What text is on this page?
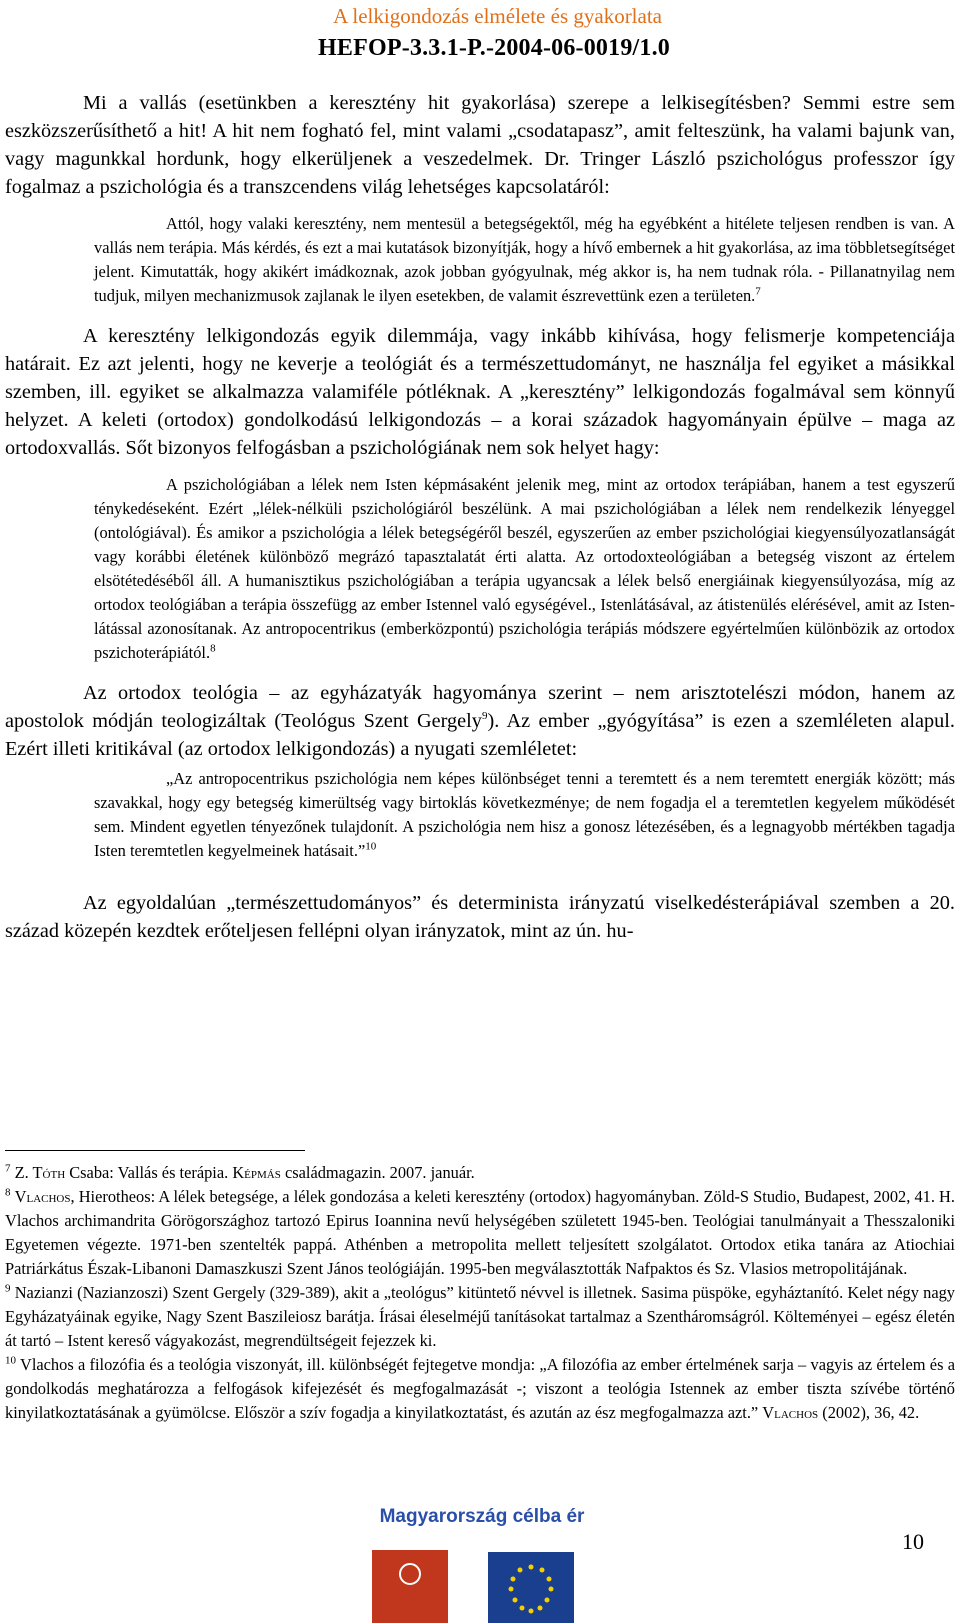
A lelkigondozás elmélete és gyakorlata
HEFOP-3.3.1-P.-2004-06-0019/1.0

Mi a vallás (esetünkben a keresztény hit gyakorlása) szerepe a lelkisegítésben? Semmi estre sem eszközszerűsíthető a hit! A hit nem fogható fel, mint valami „csodatapasz”, amit felteszünk, ha valami bajunk van, vagy magunkkal hordunk, hogy elkerüljenek a veszedelmek. Dr. Tringer László pszichológus professzor így fogalmaz a pszichológia és a transzcendens világ lehetséges kapcsolatáról:

Attól, hogy valaki keresztény, nem mentesül a betegségektől, még ha egyébként a hitélete teljesen rendben is van. A vallás nem terápia. Más kérdés, és ezt a mai kutatások bizonyítják, hogy a hívő embernek a hit gyakorlása, az ima többletsegítséget jelent. Kimutatták, hogy akikért imádkoznak, azok jobban gyógyulnak, még akkor is, ha nem tudnak róla. - Pillanatnyilag nem tudjuk, milyen mechanizmusok zajlanak le ilyen esetekben, de valamit észrevettünk ezen a területen.$^7$

A keresztény lelkigondozás egyik dilemmája, vagy inkább kihívása, hogy felismerje kompetenciája határait. Ez azt jelenti, hogy ne keverje a teológiát és a természettudományt, ne használja fel egyiket a másikkal szemben, ill. egyiket se alkalmazza valamiféle pótléknak. A „keresztény” lelkigondozás fogalmával sem könnyű helyzet. A keleti (ortodox) gondolkodású lelkigondozás – a korai századok hagyományain épülve – maga az ortodoxvallás. Sőt bizonyos felfogásban a pszichológiának nem sok helyet hagy:

A pszichológiában a lélek nem Isten képmásaként jelenik meg, mint az ortodox terápiában, hanem a test egyszerű ténykedéseként. Ezért „lélek-nélküli pszichológiáról beszélünk. A mai pszichológiában a lélek nem rendelkezik lényeggel (ontológiával). És amikor a pszichológia a lélek betegségéről beszél, egyszerűen az ember pszichológiai kiegyensúlyozatlanságát vagy korábbi életének különböző megrázó tapasztalatát érti alatta. Az ortodoxteológiában a betegség viszont az értelem elsötétedéséből áll. A humanisztikus pszichológiában a terápia ugyancsak a lélek belső energiáinak kiegyensúlyozása, míg az ortodox teológiában a terápia összefügg az ember Istennel való egységével., Istenlátásával, az átistenülés elérésével, amit az Isten-látással azonosítanak. Az antropocentrikus (emberközpontú) pszichológia terápiás módszere egyértelműen különbözik az ortodox pszichoterápiától.$^8$

Az ortodox teológia – az egyházatyák hagyománya szerint – nem arisztotelészi módon, hanem az apostolok módján teologizáltak (Teológus Szent Gergely$^9$). Az ember „gyógyítása” is ezen a szemléleten alapul. Ezért illeti kritikával (az ortodox lelkigondozás) a nyugati szemléletet:

„Az antropocentrikus pszichológia nem képes különbséget tenni a teremtett és a nem teremtett energiák között; más szavakkal, hogy egy betegség kimerültség vagy birtoklás következménye; de nem fogadja el a teremtetlen kegyelem működését sem. Mindent egyetlen tényezőnek tulajdonít. A pszichológia nem hisz a gonosz létezésében, és a legnagyobb mértékben tagadja Isten teremtetlen kegyelmeinek hatásait.”$^{10}$

Az egyoldalúan „természettudományos” és determinista irányzatú viselkedésterápiával szemben a 20. század közepén kezdtek erőteljesen fellépni olyan irányzatok, mint az ún. hu-

$^7$ Z. Tóth Csaba: Vallás és terápia. Képmás családmagazin. 2007. január.

$^8$ Vlachos, Hierotheos: A lélek betegsége, a lélek gondozása a keleti keresztény (ortodox) hagyományban. Zöld-S Studio, Budapest, 2002, 41. H. Vlachos archimandrita Görögországhoz tartozó Epirus Ioannina nevű helységében született 1945-ben. Teológiai tanulmányait a Thesszaloniki Egyetemen végezte. 1971-ben szentelték pappá. Athénben a metropolita mellett teljesített szolgálatot. Ortodox etika tanára az Atiochiai Patriárkátus Észak-Libanoni Damaszkuszi Szent János teológiáján. 1995-ben megválasztották Nafpaktos és Sz. Vlasios metropolitájának.

$^9$ Nazianzi (Nazianzoszi) Szent Gergely (329-389), akit a „teológus” kitüntető névvel is illetnek. Sasima püspöke, egyháztanító. Kelet négy nagy Egyházatyáinak egyike, Nagy Szent Baszileiosz barátja. Írásai éleselméjű tanításokat tartalmaz a Szentháromságról. Költeményei – egész életén át tartó – Istent kereső vágyakozást, megrendültségeit fejezzek ki.

$^{10}$ Vlachos a filozófia és a teológia viszonyát, ill. különbségét fejtegetve mondja: „A filozófia az ember értelmének sarja – vagyis az értelem és a gondolkodás meghatározza a felfogások kifejezését és megfogalmazását -; viszont a teológia Istennek az ember tiszta szívébe történő kinyilatkoztatásának a gyümölcse. Először a szív fogadja a kinyilatkoztatást, és azután az ész megfogalmazza azt.” Vlachos (2002), 36, 42.

Magyarország célba ér
10
